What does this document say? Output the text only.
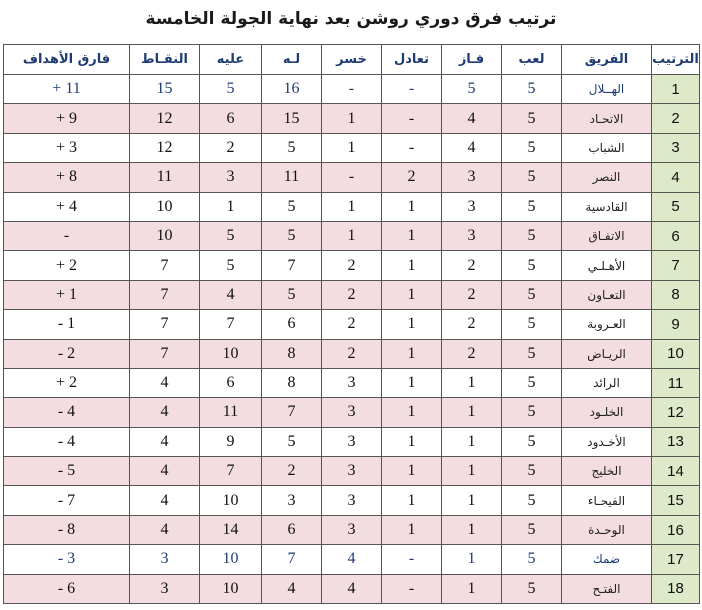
ترتيب فرق دوري روشن بعد نهاية الجولة الخامسة
الترتيب	الفريق	لعب	فـاز	تعادل	خسر	لـه	عليه	النقـاط	فارق الأهداف
1	الهــلال	5	5	-	-	16	5	15	11 +
2	الاتحـاد	5	4	-	1	15	6	12	9 +
3	الشباب	5	4	-	1	5	2	12	3 +
4	النصر	5	3	2	-	11	3	11	8 +
5	القادسية	5	3	1	1	5	1	10	4 +
6	الاتفـاق	5	3	1	1	5	5	10	-
7	الأهـلـي	5	2	1	2	7	5	7	2 +
8	التعـاون	5	2	1	2	5	4	7	1 +
9	العـروبة	5	2	1	2	6	7	7	1 -
10	الريـاض	5	2	1	2	8	10	7	2 -
11	الرائد	5	1	1	3	8	6	4	2 +
12	الخلـود	5	1	1	3	7	11	4	4 -
13	الأخـدود	5	1	1	3	5	9	4	4 -
14	الخليج	5	1	1	3	2	7	4	5 -
15	الفيحـاء	5	1	1	3	3	10	4	7 -
16	الوحـدة	5	1	1	3	6	14	4	8 -
17	ضمك	5	1	-	4	7	10	3	3 -
18	الفتـح	5	1	-	4	4	10	3	6 -
